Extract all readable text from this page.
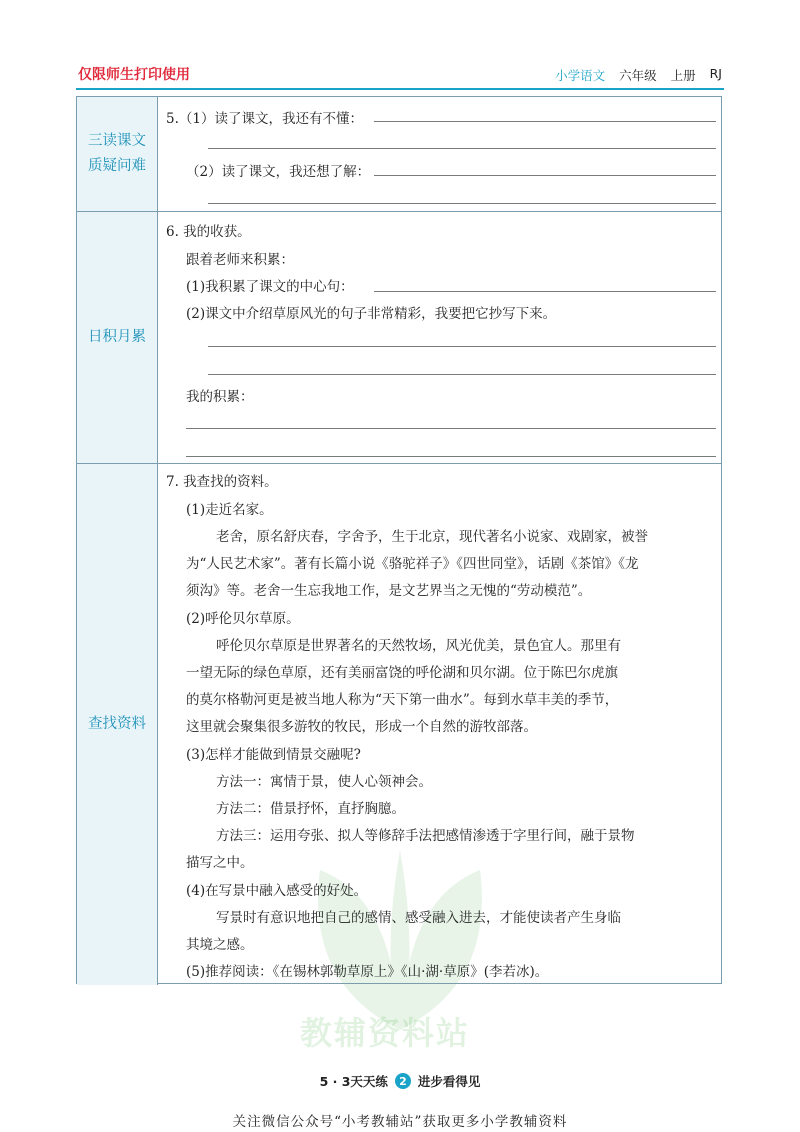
仅限师生打印使用	小学语文 六年级 上册 RJ
教辅资料站
三读课文
质疑问难
5.（1）读了课文，我还有不懂：
（2）读了课文，我还想了解：
日积月累
6. 我的收获。
跟着老师来积累：
(1)我积累了课文的中心句：
(2)课文中介绍草原风光的句子非常精彩，我要把它抄写下来。
我的积累：
查找资料
7. 我查找的资料。
(1)走近名家。
老舍，原名舒庆春，字舍予，生于北京，现代著名小说家、戏剧家，被誉
为“人民艺术家”。著有长篇小说《骆驼祥子》《四世同堂》，话剧《茶馆》《龙
须沟》等。老舍一生忘我地工作，是文艺界当之无愧的“劳动模范”。
(2)呼伦贝尔草原。
呼伦贝尔草原是世界著名的天然牧场，风光优美，景色宜人。那里有
一望无际的绿色草原，还有美丽富饶的呼伦湖和贝尔湖。位于陈巴尔虎旗
的莫尔格勒河更是被当地人称为“天下第一曲水”。每到水草丰美的季节，
这里就会聚集很多游牧的牧民，形成一个自然的游牧部落。
(3)怎样才能做到情景交融呢?
方法一：寓情于景，使人心领神会。
方法二：借景抒怀，直抒胸臆。
方法三：运用夸张、拟人等修辞手法把感情渗透于字里行间，融于景物
描写之中。
(4)在写景中融入感受的好处。
写景时有意识地把自己的感情、感受融入进去，才能使读者产生身临
其境之感。
(5)推荐阅读：《在锡林郭勒草原上》《山·湖·草原》(李若冰)。
5 · 3天天练	2 进步看得见
关注微信公众号“小考教辅站”获取更多小学教辅资料
